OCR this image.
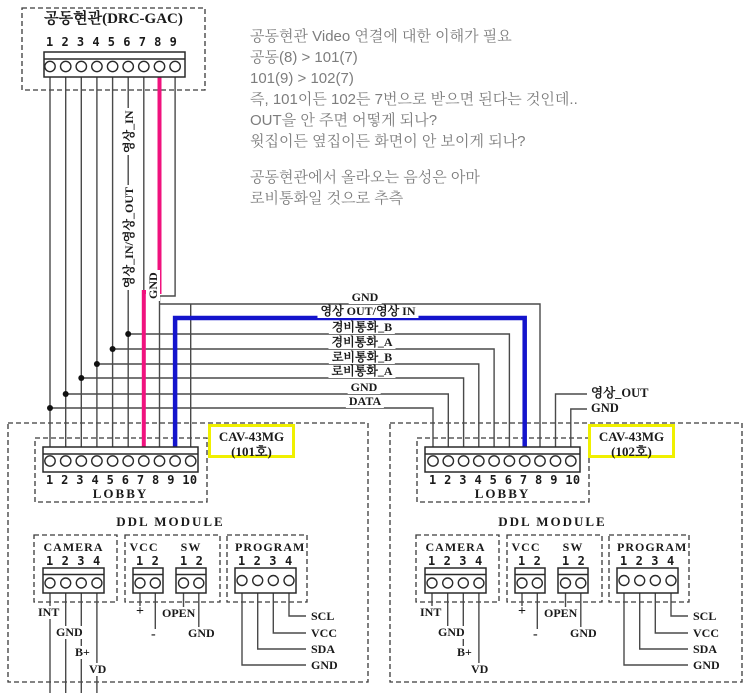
공동현관(DRC-GAC)
1 2 3 4 5 6 7 8 9	공동현관 Video 연결에 대한 이해가 필요
공동(8) > 101(7)
101(9) > 102(7)
즉, 101이든 102든 7번으로 받으면 된다는 것인데..
OUT을 안 주면 어떻게 되나?
윗집이든 옆집이든 화면이 안 보이게 되나?
공동현관에서 올라오는 음성은 아마
로비통화일 것으로 추측
영상_IN
영상_IN/영상_OUT GND	GND
영상 OUT/영상 IN
경비통화_B
경비통화_A
로비통화_B
로비통화_A
GND
DATA
영상_OUT
GND
CAV-43MG
(101호)
1 2 3 4 5 6 7 8 9 10
LOBBY
CAV-43MG
(102호)
1 2 3 4 5 6 7 8 9 10
LOBBY
DDL MODULE
CAMERA
1 2 3 4
VCC
1 2
SW
1 2
PROGRAM
1 2 3 4
INT
GND
B+
VD
+
-
OPEN
GND
SCL
VCC
SDA
GND
DDL MODULE
CAMERA
1 2 3 4
VCC
1 2
SW
1 2
PROGRAM
1 2 3 4
INT
GND
B+
VD
+
-
OPEN
GND
SCL
VCC
SDA
GND
